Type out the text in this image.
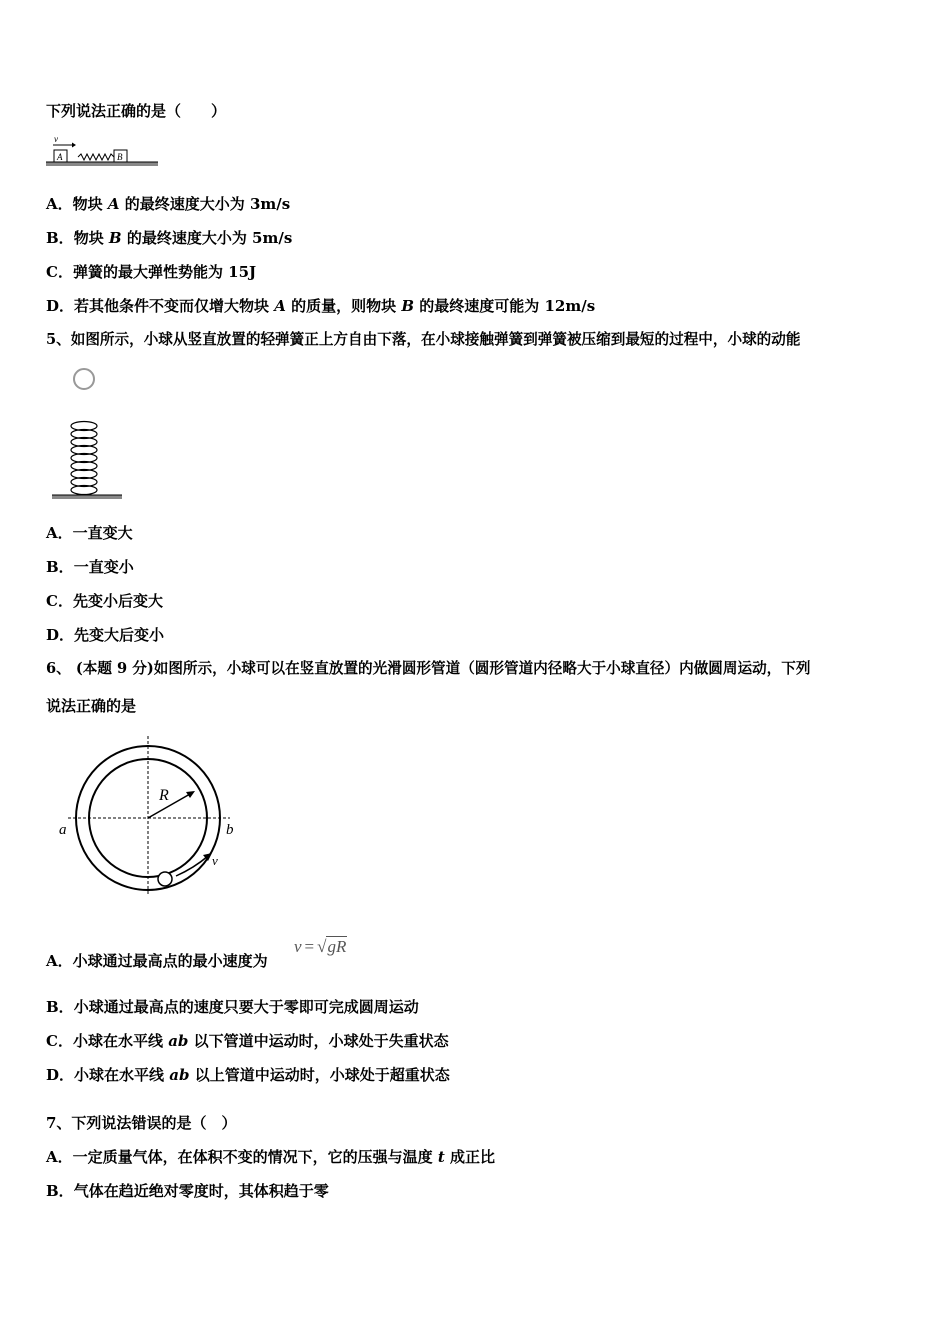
下列说法正确的是（　　）
v
A	B
A．物块 A 的最终速度大小为 3m/s
B．物块 B 的最终速度大小为 5m/s
C．弹簧的最大弹性势能为 15J
D．若其他条件不变而仅增大物块 A 的质量，则物块 B 的最终速度可能为 12m/s
5、如图所示，小球从竖直放置的轻弹簧正上方自由下落，在小球接触弹簧到弹簧被压缩到最短的过程中，小球的动能
A．一直变大
B．一直变小
C．先变小后变大
D．先变大后变小
6、 (本题 9 分)如图所示，小球可以在竖直放置的光滑圆形管道（圆形管道内径略大于小球直径）内做圆周运动，下列
说法正确的是
R
a	b
v
A．小球通过最高点的最小速度为
v = √gR
B．小球通过最高点的速度只要大于零即可完成圆周运动
C．小球在水平线 ab 以下管道中运动时，小球处于失重状态
D．小球在水平线 ab 以上管道中运动时，小球处于超重状态
7、下列说法错误的是（　）
A．一定质量气体，在体积不变的情况下，它的压强与温度 t 成正比
B．气体在趋近绝对零度时，其体积趋于零
